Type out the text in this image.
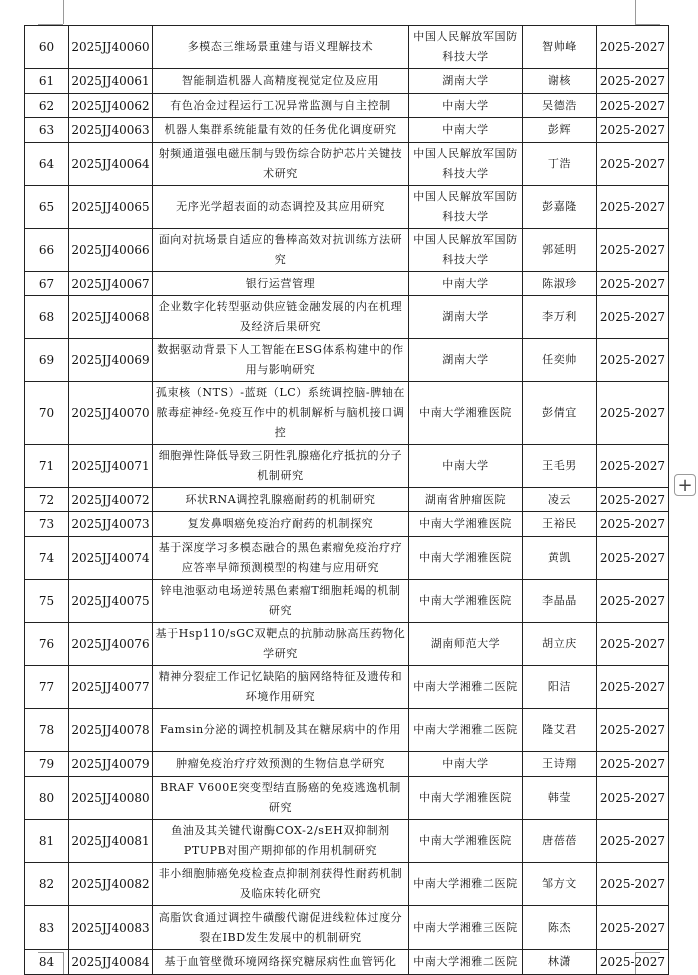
60	2025JJ40060	多模态三维场景重建与语义理解技术	中国人民解放军国防科技大学	智帅峰	2025-2027
61	2025JJ40061	智能制造机器人高精度视觉定位及应用	湖南大学	谢核	2025-2027
62	2025JJ40062	有色冶金过程运行工况异常监测与自主控制	中南大学	吴德浩	2025-2027
63	2025JJ40063	机器人集群系统能量有效的任务优化调度研究	中南大学	彭辉	2025-2027
64	2025JJ40064	射频通道强电磁压制与毁伤综合防护芯片关键技术研究	中国人民解放军国防科技大学	丁浩	2025-2027
65	2025JJ40065	无序光学超表面的动态调控及其应用研究	中国人民解放军国防科技大学	彭嘉隆	2025-2027
66	2025JJ40066	面向对抗场景自适应的鲁棒高效对抗训练方法研究	中国人民解放军国防科技大学	郭延明	2025-2027
67	2025JJ40067	银行运营管理	中南大学	陈淑珍	2025-2027
68	2025JJ40068	企业数字化转型驱动供应链金融发展的内在机理及经济后果研究	湖南大学	李万利	2025-2027
69	2025JJ40069	数据驱动背景下人工智能在ESG体系构建中的作用与影响研究	湖南大学	任奕帅	2025-2027
70	2025JJ40070	孤束核（NTS）-蓝斑（LC）系统调控脑-脾轴在脓毒症神经-免疫互作中的机制解析与脑机接口调控	中南大学湘雅医院	彭倩宜	2025-2027
71	2025JJ40071	细胞弹性降低导致三阴性乳腺癌化疗抵抗的分子机制研究	中南大学	王毛男	2025-2027
72	2025JJ40072	环状RNA调控乳腺癌耐药的机制研究	湖南省肿瘤医院	凌云	2025-2027
73	2025JJ40073	复发鼻咽癌免疫治疗耐药的机制探究	中南大学湘雅医院	王裕民	2025-2027
74	2025JJ40074	基于深度学习多模态融合的黑色素瘤免疫治疗疗应答率早筛预测模型的构建与应用研究	中南大学湘雅医院	黄凯	2025-2027
75	2025JJ40075	锌电池驱动电场逆转黑色素瘤T细胞耗竭的机制研究	中南大学湘雅医院	李晶晶	2025-2027
76	2025JJ40076	基于Hsp110/sGC双靶点的抗肺动脉高压药物化学研究	湖南师范大学	胡立庆	2025-2027
77	2025JJ40077	精神分裂症工作记忆缺陷的脑网络特征及遗传和环境作用研究	中南大学湘雅二医院	阳洁	2025-2027
78	2025JJ40078	Famsin分泌的调控机制及其在糖尿病中的作用	中南大学湘雅二医院	隆艾君	2025-2027
79	2025JJ40079	肿瘤免疫治疗疗效预测的生物信息学研究	中南大学	王诗翔	2025-2027
80	2025JJ40080	BRAF V600E突变型结直肠癌的免疫逃逸机制研究	中南大学湘雅医院	韩莹	2025-2027
81	2025JJ40081	鱼油及其关键代谢酶COX-2/sEH双抑制剂PTUPB对围产期抑郁的作用机制研究	中南大学湘雅医院	唐蓓蓓	2025-2027
82	2025JJ40082	非小细胞肺癌免疫检查点抑制剂获得性耐药机制及临床转化研究	中南大学湘雅二医院	邹方文	2025-2027
83	2025JJ40083	高脂饮食通过调控牛磺酸代谢促进线粒体过度分裂在IBD发生发展中的机制研究	中南大学湘雅三医院	陈杰	2025-2027
84	2025JJ40084	基于血管壁微环境网络探究糖尿病性血管钙化	中南大学湘雅二医院	林潇	2025-2027
+
